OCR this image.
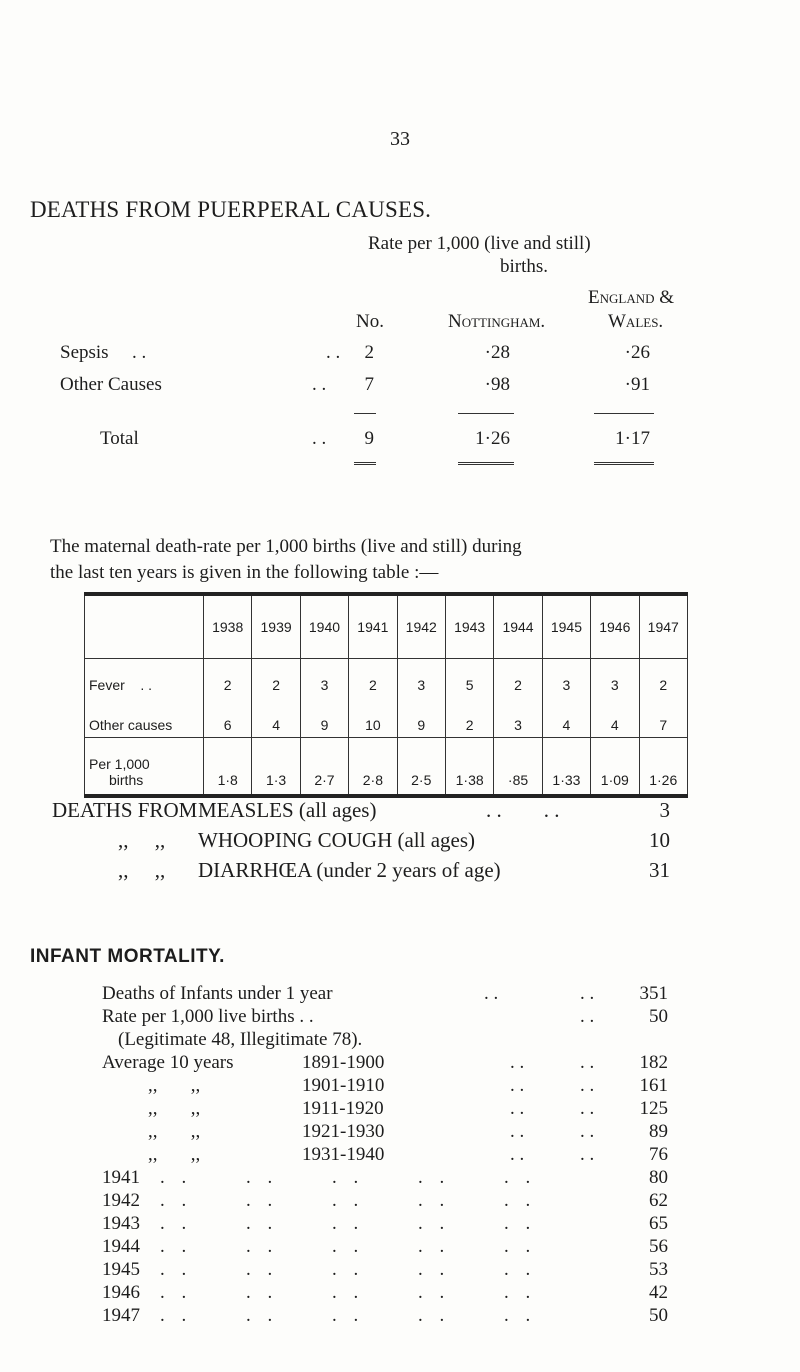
33
DEATHS FROM PUERPERAL CAUSES.
Rate per 1,000 (live and still)
births.
England &
No.	Nottingham.	Wales.
Sepsis . .	. .	2	·28	·26
Other Causes	. .	7	·98	·91
Total	. .	9	1·26	1·17
The maternal death-rate per 1,000 births (live and still) during
the last ten years is given in the following table :—
	1938	1939	1940	1941	1942	1943	1944	1945	1946	1947
Fever . .	2	2	3	2	3	5	2	3	3	2
Other causes	6	4	9	10	9	2	3	4	4	7

Per 1,000
births	1·8	1·3	2·7	2·8	2·5	1·38	·85	1·33	1·09	1·26
DEATHS FROM MEASLES (all ages)	. .        . .	3
,,     ,, WHOOPING COUGH (all ages)	10
,,     ,, DIARRHŒA (under 2 years of age)	31
INFANT MORTALITY.
Deaths of Infants under 1 year	. .	. .	351
Rate per 1,000 live births . .	. .	50
(Legitimate 48, Illegitimate 78).
Average 10 years	1891-1900	. .	. .	182
,,       ,,	1901-1910	. .	. .	161
,,       ,,	1911-1920	. .	. .	125
,,       ,,	1921-1930	. .	. .	89
,,       ,,	1931-1940	. .	. .	76
1941 . .	. .	. .	. .	. .	80
1942 . .	. .	. .	. .	. .	62
1943 . .	. .	. .	. .	. .	65
1944 . .	. .	. .	. .	. .	56
1945 . .	. .	. .	. .	. .	53
1946 . .	. .	. .	. .	. .	42
1947 . .	. .	. .	. .	. .	50
